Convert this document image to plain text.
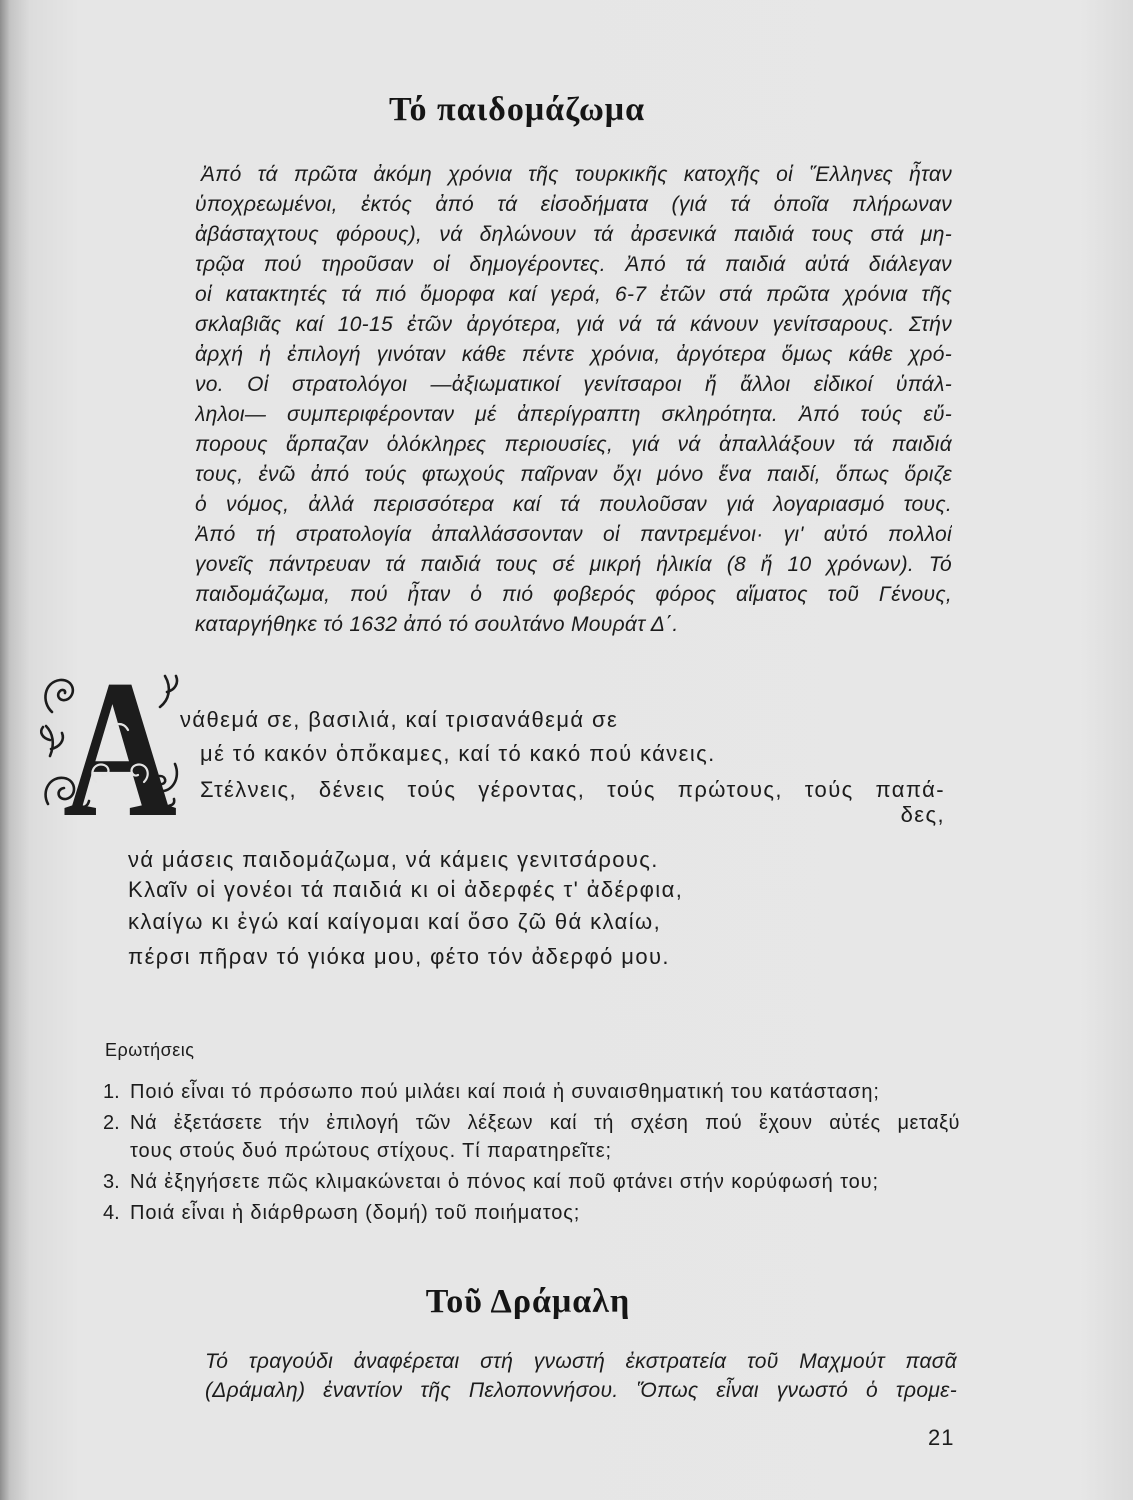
Τό παιδομάζωμα
Ἀπό τά πρῶτα ἀκόμη χρόνια τῆς τουρκικῆς κατοχῆς οἱ Ἕλληνες ἦταν
ὑποχρεωμένοι, ἐκτός ἀπό τά εἰσοδήματα (γιά τά ὁποῖα πλήρωναν
ἀβάσταχτους φόρους), νά δηλώνουν τά ἀρσενικά παιδιά τους στά μη-
τρῷα πού τηροῦσαν οἱ δημογέροντες. Ἀπό τά παιδιά αὐτά διάλεγαν
οἱ κατακτητές τά πιό ὄμορφα καί γερά, 6-7 ἐτῶν στά πρῶτα χρόνια τῆς
σκλαβιᾶς καί 10-15 ἐτῶν ἀργότερα, γιά νά τά κάνουν γενίτσαρους. Στήν
ἀρχή ἡ ἐπιλογή γινόταν κάθε πέντε χρόνια, ἀργότερα ὅμως κάθε χρό-
νο. Οἱ στρατολόγοι —ἀξιωματικοί γενίτσαροι ἤ ἄλλοι εἰδικοί ὑπάλ-
ληλοι— συμπεριφέρονταν μέ ἀπερίγραπτη σκληρότητα. Ἀπό τούς εὔ-
πορους ἅρπαζαν ὁλόκληρες περιουσίες, γιά νά ἀπαλλάξουν τά παιδιά
τους, ἐνῶ ἀπό τούς φτωχούς παῖρναν ὄχι μόνο ἕνα παιδί, ὅπως ὅριζε
ὁ νόμος, ἀλλά περισσότερα καί τά πουλοῦσαν γιά λογαριασμό τους.
Ἀπό τή στρατολογία ἀπαλλάσσονταν οἱ παντρεμένοι· γι' αὐτό πολλοί
γονεῖς πάντρευαν τά παιδιά τους σέ μικρή ἡλικία (8 ἤ 10 χρόνων). Τό
παιδομάζωμα, πού ἦταν ὁ πιό φοβερός φόρος αἵματος τοῦ Γένους,
καταργήθηκε τό 1632 ἀπό τό σουλτάνο Μουράτ Δ΄.
Α νάθεμά σε, βασιλιά, καί τρισανάθεμά σε
μέ τό κακόν ὁπὄκαμες, καί τό κακό πού κάνεις.
Στέλνεις, δένεις τούς γέροντας, τούς πρώτους, τούς παπά-
δες,
νά μάσεις παιδομάζωμα, νά κάμεις γενιτσάρους.
Κλαῖν οἱ γονέοι τά παιδιά κι οἱ ἀδερφές τ' ἀδέρφια,
κλαίγω κι ἐγώ καί καίγομαι καί ὅσο ζῶ θά κλαίω,
πέρσι πῆραν τό γιόκα μου, φέτο τόν ἀδερφό μου.
Ερωτήσεις
1. Ποιό εἶναι τό πρόσωπο πού μιλάει καί ποιά ἡ συναισθηματική του κατάσταση;
2. Νά ἐξετάσετε τήν ἐπιλογή τῶν λέξεων καί τή σχέση πού ἔχουν αὐτές μεταξύ
τους στούς δυό πρώτους στίχους. Τί παρατηρεῖτε;
3. Νά ἐξηγήσετε πῶς κλιμακώνεται ὁ πόνος καί ποῦ φτάνει στήν κορύφωσή του;
4. Ποιά εἶναι ἡ διάρθρωση (δομή) τοῦ ποιήματος;
Τοῦ Δράμαλη
Τό τραγούδι ἀναφέρεται στή γνωστή ἐκστρατεία τοῦ Μαχμούτ πασᾶ
(Δράμαλη) ἐναντίον τῆς Πελοποννήσου. Ὅπως εἶναι γνωστό ὁ τρομε-
21
